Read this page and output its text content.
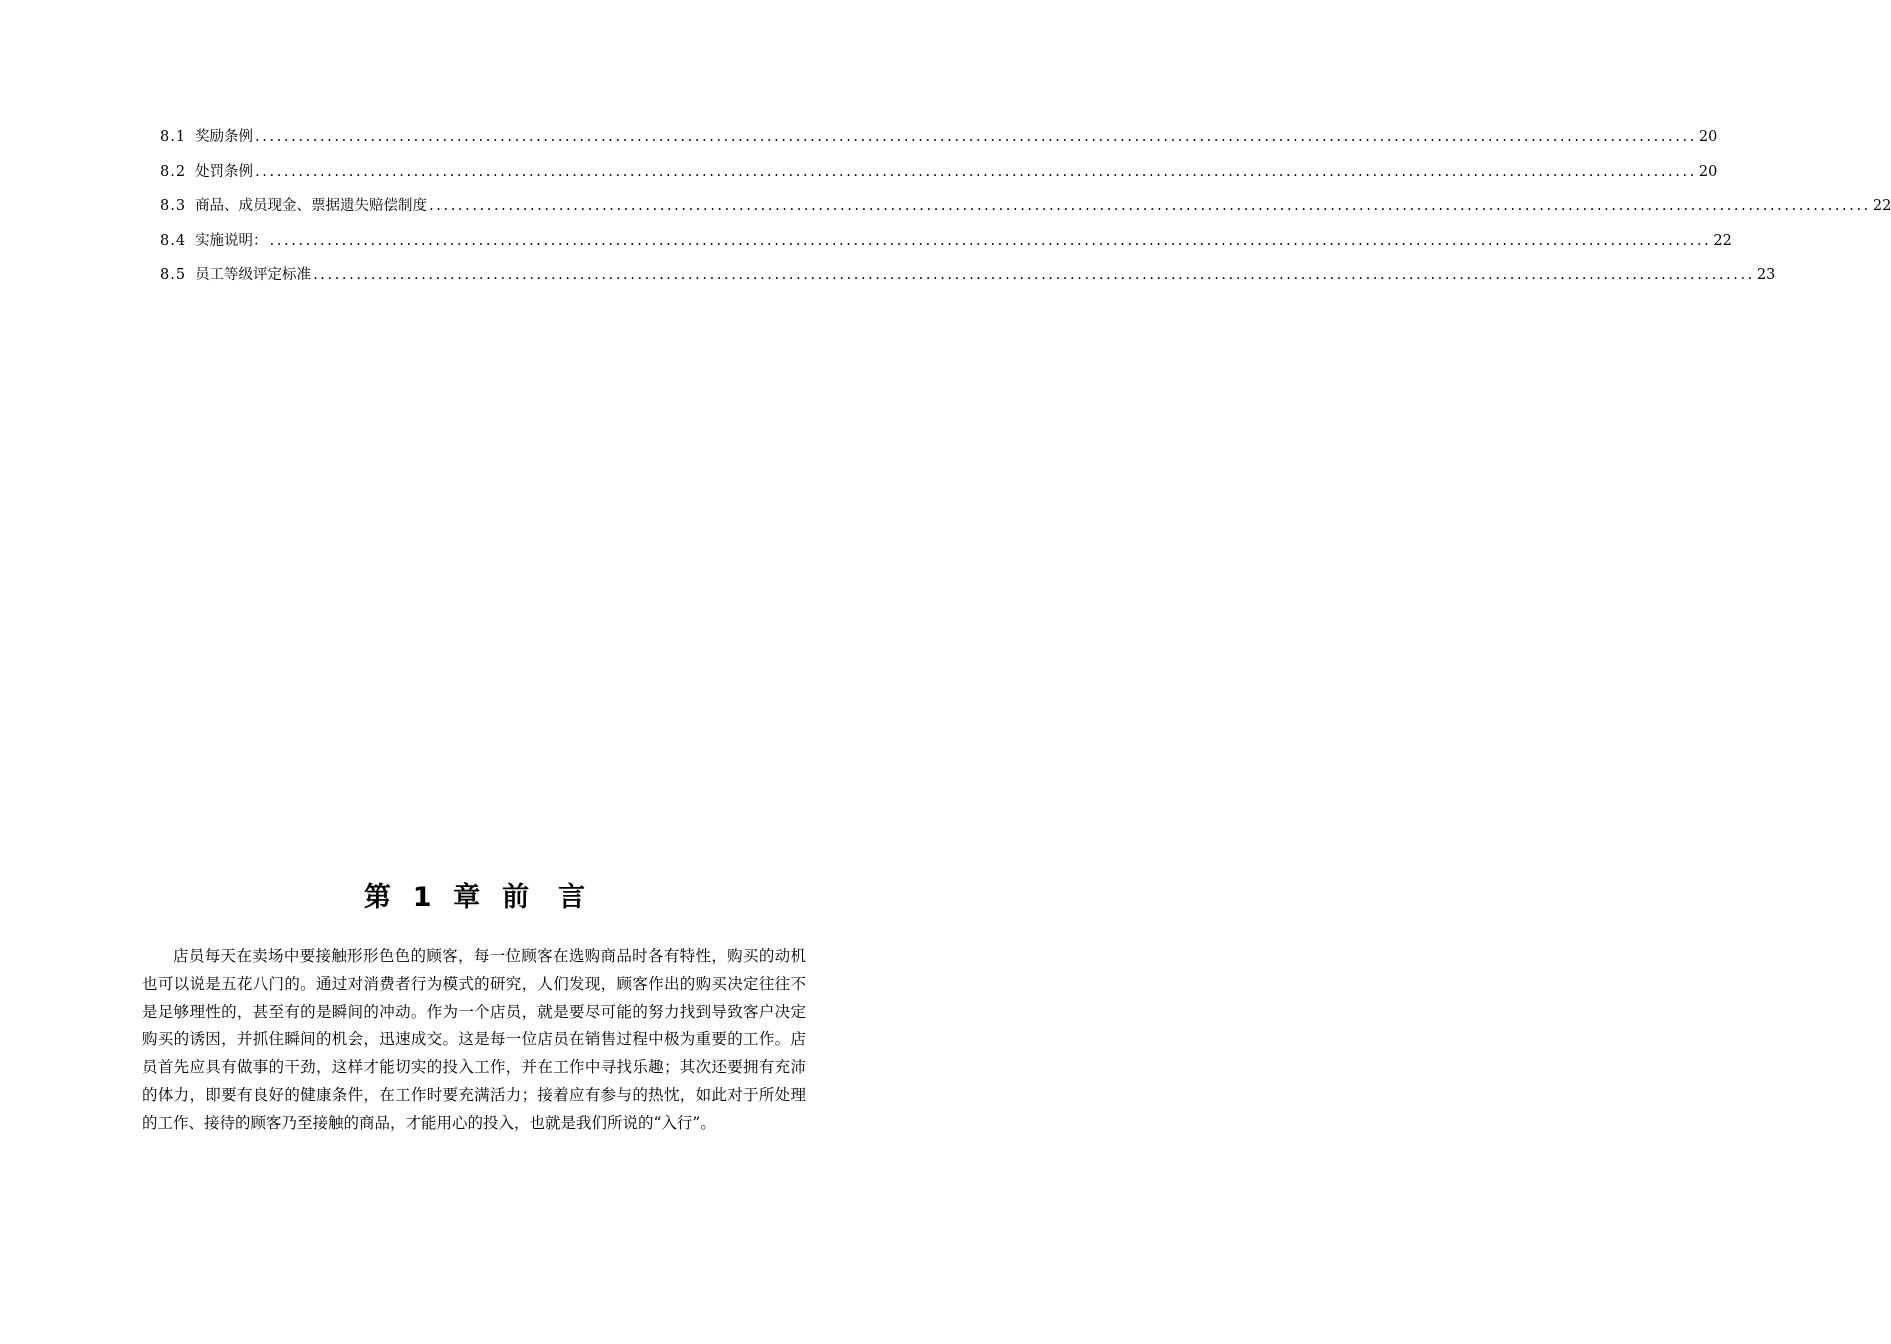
8.1 奖励条例 ........................................................................................................................................................................................................ 20
8.2 处罚条例 ........................................................................................................................................................................................................ 20
8.3 商品、成员现金、票据遗失赔偿制度 ........................................................................................................................................................................................................ 22
8.4 实施说明： ........................................................................................................................................................................................................ 22
8.5 员工等级评定标准 ........................................................................................................................................................................................................ 23
第 1 章 前　言

店员每天在卖场中要接触形形色色的顾客，每一位顾客在选购商品时各有特性，购买的动机也可以说是五花八门的。通过对消费者行为模式的研究，人们发现，顾客作出的购买决定往往不是足够理性的，甚至有的是瞬间的冲动。作为一个店员，就是要尽可能的努力找到导致客户决定购买的诱因，并抓住瞬间的机会，迅速成交。这是每一位店员在销售过程中极为重要的工作。店员首先应具有做事的干劲，这样才能切实的投入工作，并在工作中寻找乐趣；其次还要拥有充沛的体力，即要有良好的健康条件，在工作时要充满活力；接着应有参与的热忱，如此对于所处理的工作、接待的顾客乃至接触的商品，才能用心的投入，也就是我们所说的“入行”。
